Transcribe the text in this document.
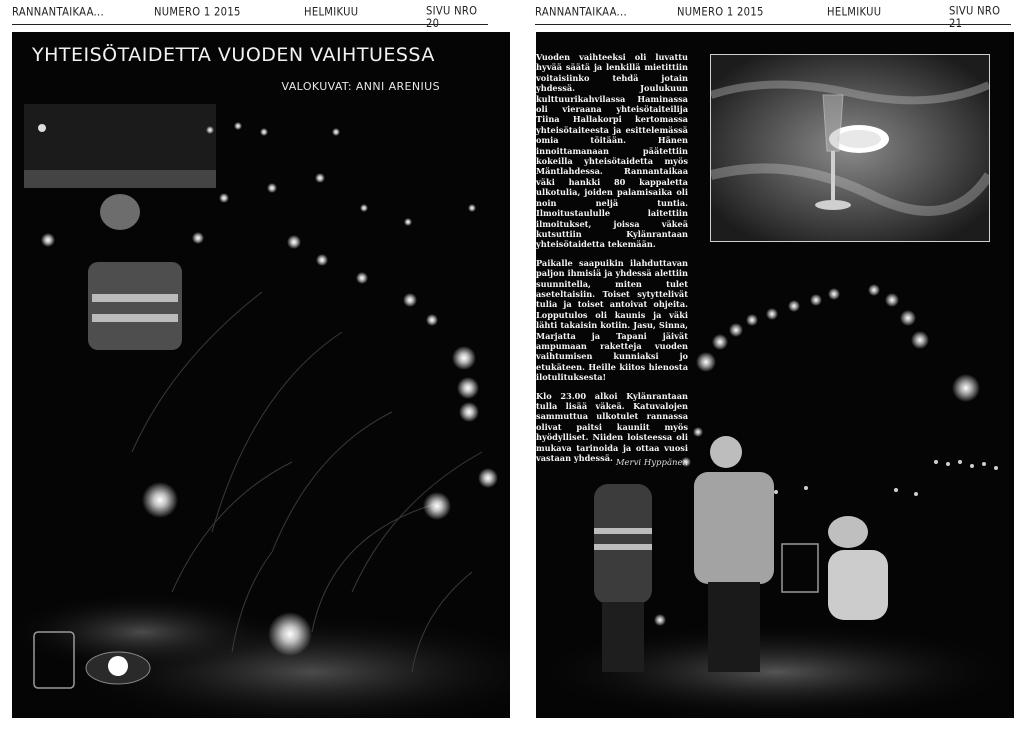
RANNANTAIKAA...	NUMERO 1 2015	HELMIKUU	SIVU NRO 20
RANNANTAIKAA...	NUMERO 1 2015	HELMIKUU	SIVU NRO 21
YHTEISÖTAIDETTA VUODEN VAIHTUESSA
VALOKUVAT: ANNI ARENIUS

Vuoden vaihteeksi oli luvattu hyvää säätä ja lenkillä mietittiin voitaisiinko tehdä jotain yhdessä. Joulukuun kulttuurikahvilassa Haminassa oli vieraana yhteisötaiteilija Tiina Hallakorpi kertomassa yhteisötaiteesta ja esittelemässä omia töitään. Hänen innoittamanaan päätettiin kokeilla yhteisötaidetta myös Mäntlahdessa. Rannantaikaa väki hankki 80 kappaletta ulkotulia, joiden palamisaika oli noin neljä tuntia. Ilmoitustaululle laitettiin ilmoitukset, joissa väkeä kutsuttiin Kylänrantaan yhteisötaidetta tekemään.

Paikalle saapuikin ilahduttavan paljon ihmisiä ja yhdessä alettiin suunnitella, miten tulet aseteltaisiin. Toiset sytyttelivät tulia ja toiset antoivat ohjeita. Lopputulos oli kaunis ja väki lähti takaisin kotiin. Jasu, Sinna, Marjatta ja Tapani jäivät ampumaan raketteja vuoden vaihtumisen kunniaksi jo etukäteen. Heille kiitos hienosta ilotulituksesta!

Klo 23.00 alkoi Kylänrantaan tulla lisää väkeä. Katuvalojen sammuttua ulkotulet rannassa olivat paitsi kauniit myös hyödylliset. Niiden loisteessa oli mukava tarinoida ja ottaa vuosi vastaan yhdessä. Mervi Hyppänen
